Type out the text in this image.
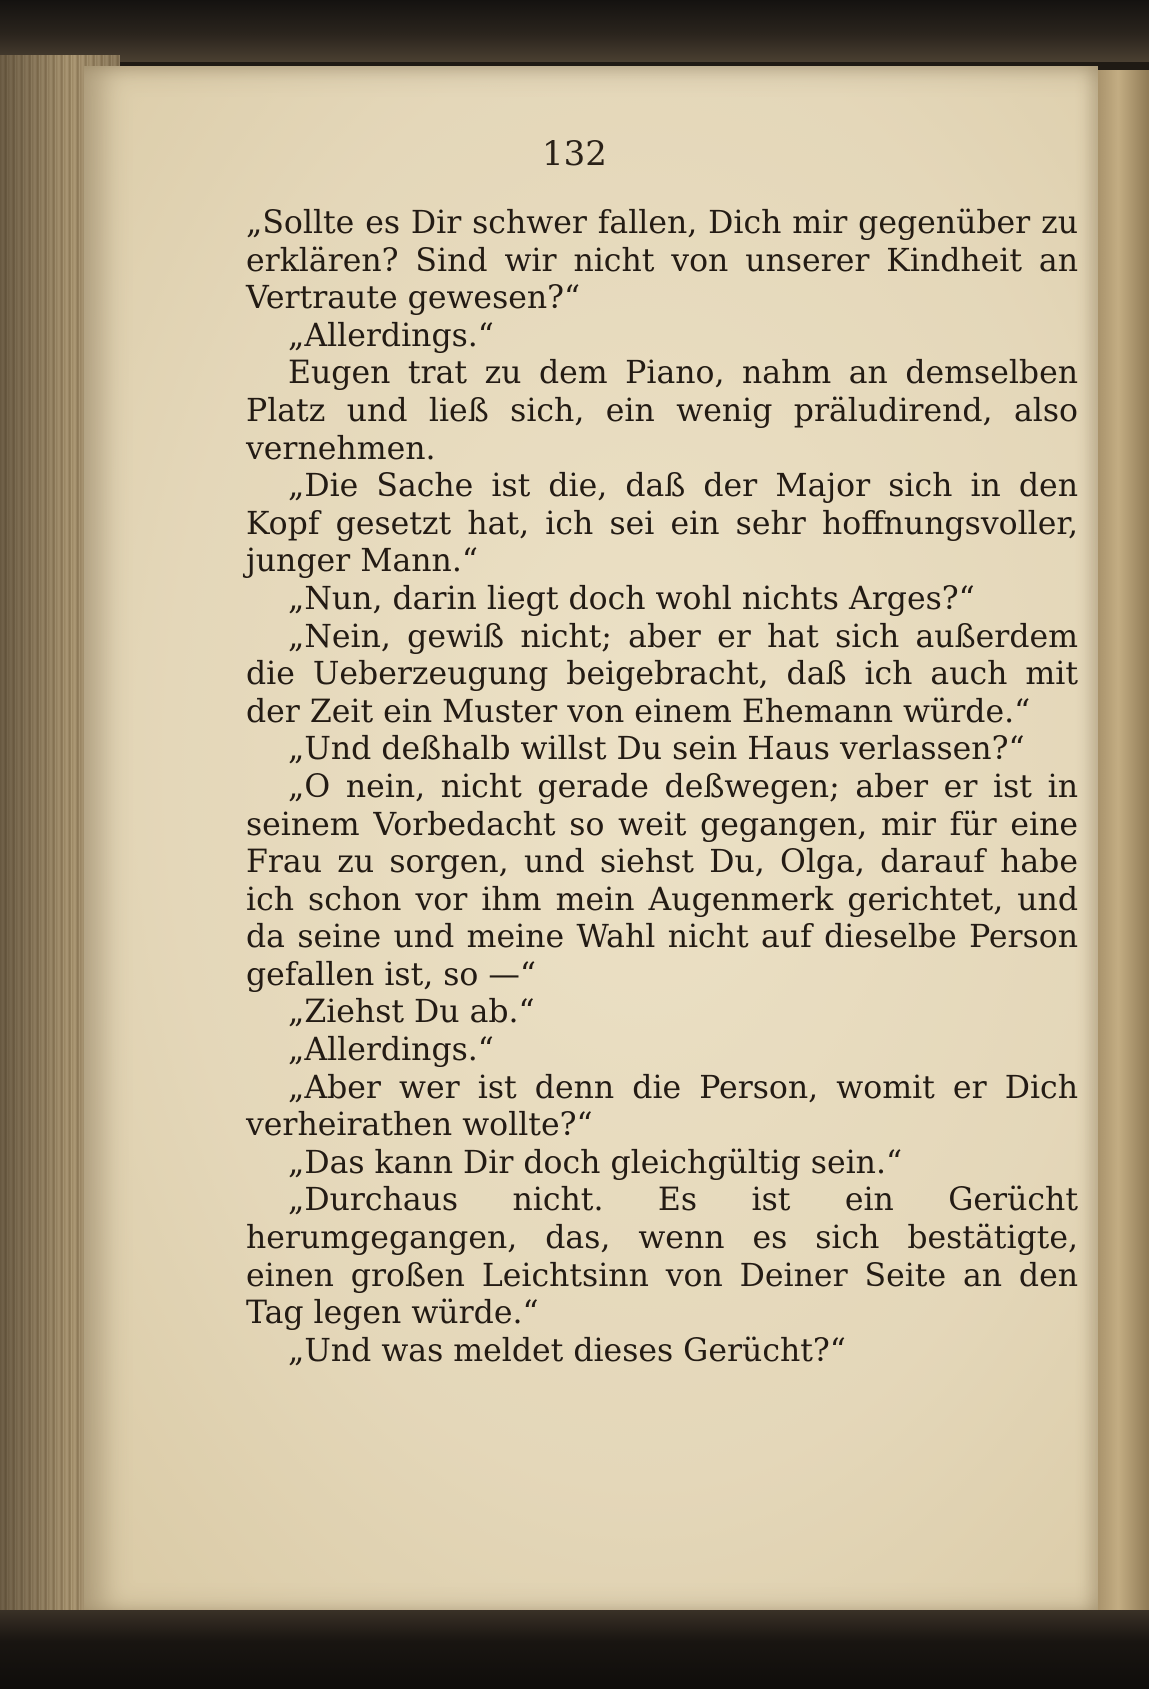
132

„Sollte es Dir schwer fallen, Dich mir gegenüber zu erklären? Sind wir nicht von unserer Kindheit an Vertraute gewesen?“

„Allerdings.“

Eugen trat zu dem Piano, nahm an demselben Platz und ließ sich, ein wenig präludirend, also vernehmen.

„Die Sache ist die, daß der Major sich in den Kopf gesetzt hat, ich sei ein sehr hoffnungsvoller, junger Mann.“

„Nun, darin liegt doch wohl nichts Arges?“

„Nein, gewiß nicht; aber er hat sich außerdem die Ueberzeugung beigebracht, daß ich auch mit der Zeit ein Muster von einem Ehemann würde.“

„Und deßhalb willst Du sein Haus verlassen?“

„O nein, nicht gerade deßwegen; aber er ist in seinem Vorbedacht so weit gegangen, mir für eine Frau zu sorgen, und siehst Du, Olga, darauf habe ich schon vor ihm mein Augenmerk gerichtet, und da seine und meine Wahl nicht auf dieselbe Person gefallen ist, so —“

„Ziehst Du ab.“

„Allerdings.“

„Aber wer ist denn die Person, womit er Dich verheirathen wollte?“

„Das kann Dir doch gleichgültig sein.“

„Durchaus nicht. Es ist ein Gerücht herumgegangen, das, wenn es sich bestätigte, einen großen Leichtsinn von Deiner Seite an den Tag legen würde.“

„Und was meldet dieses Gerücht?“
